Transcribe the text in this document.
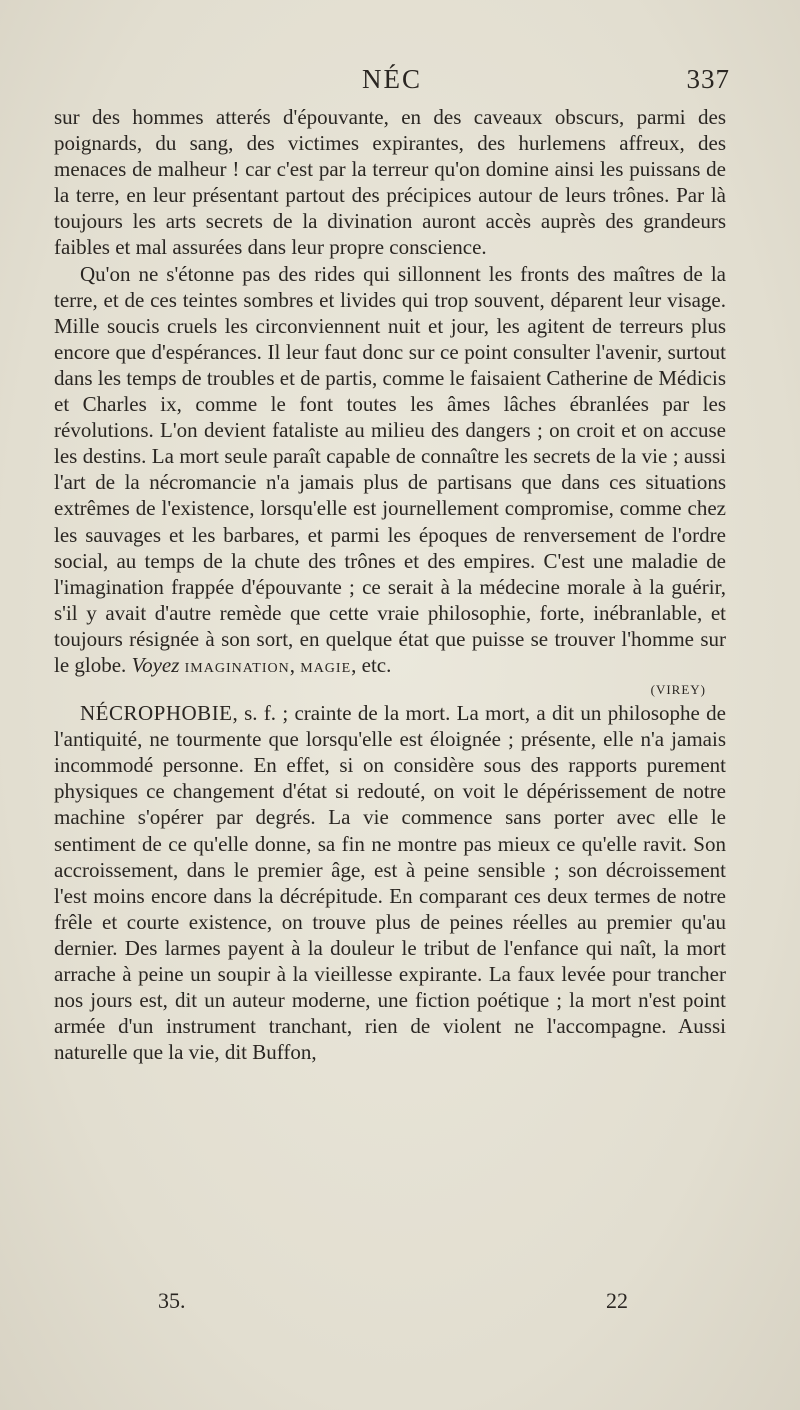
NÉC	337

sur des hommes atterés d'épouvante, en des caveaux obscurs, parmi des poignards, du sang, des victimes expirantes, des hurlemens affreux, des menaces de malheur ! car c'est par la terreur qu'on domine ainsi les puissans de la terre, en leur présentant partout des précipices autour de leurs trônes. Par là toujours les arts secrets de la divination auront accès auprès des grandeurs faibles et mal assurées dans leur propre conscience.

Qu'on ne s'étonne pas des rides qui sillonnent les fronts des maîtres de la terre, et de ces teintes sombres et livides qui trop souvent, déparent leur visage. Mille soucis cruels les circonviennent nuit et jour, les agitent de terreurs plus encore que d'espérances. Il leur faut donc sur ce point consulter l'avenir, surtout dans les temps de troubles et de partis, comme le faisaient Catherine de Médicis et Charles ix, comme le font toutes les âmes lâches ébranlées par les révolutions. L'on devient fataliste au milieu des dangers ; on croit et on accuse les destins. La mort seule paraît capable de connaître les secrets de la vie ; aussi l'art de la nécromancie n'a jamais plus de partisans que dans ces situations extrêmes de l'existence, lorsqu'elle est journellement compromise, comme chez les sauvages et les barbares, et parmi les époques de renversement de l'ordre social, au temps de la chute des trônes et des empires. C'est une maladie de l'imagination frappée d'épouvante ; ce serait à la médecine morale à la guérir, s'il y avait d'autre remède que cette vraie philosophie, forte, inébranlable, et toujours résignée à son sort, en quelque état que puisse se trouver l'homme sur le globe. Voyez IMAGINATION, MAGIE, etc.

(VIREY)

NÉCROPHOBIE, s. f. ; crainte de la mort. La mort, a dit un philosophe de l'antiquité, ne tourmente que lorsqu'elle est éloignée ; présente, elle n'a jamais incommodé personne. En effet, si on considère sous des rapports purement physiques ce changement d'état si redouté, on voit le dépérissement de notre machine s'opérer par degrés. La vie commence sans porter avec elle le sentiment de ce qu'elle donne, sa fin ne montre pas mieux ce qu'elle ravit. Son accroissement, dans le premier âge, est à peine sensible ; son décroissement l'est moins encore dans la décrépitude. En comparant ces deux termes de notre frêle et courte existence, on trouve plus de peines réelles au premier qu'au dernier. Des larmes payent à la douleur le tribut de l'enfance qui naît, la mort arrache à peine un soupir à la vieillesse expirante. La faux levée pour trancher nos jours est, dit un auteur moderne, une fiction poétique ; la mort n'est point armée d'un instrument tranchant, rien de violent ne l'accompagne. Aussi naturelle que la vie, dit Buffon,

35.	22
